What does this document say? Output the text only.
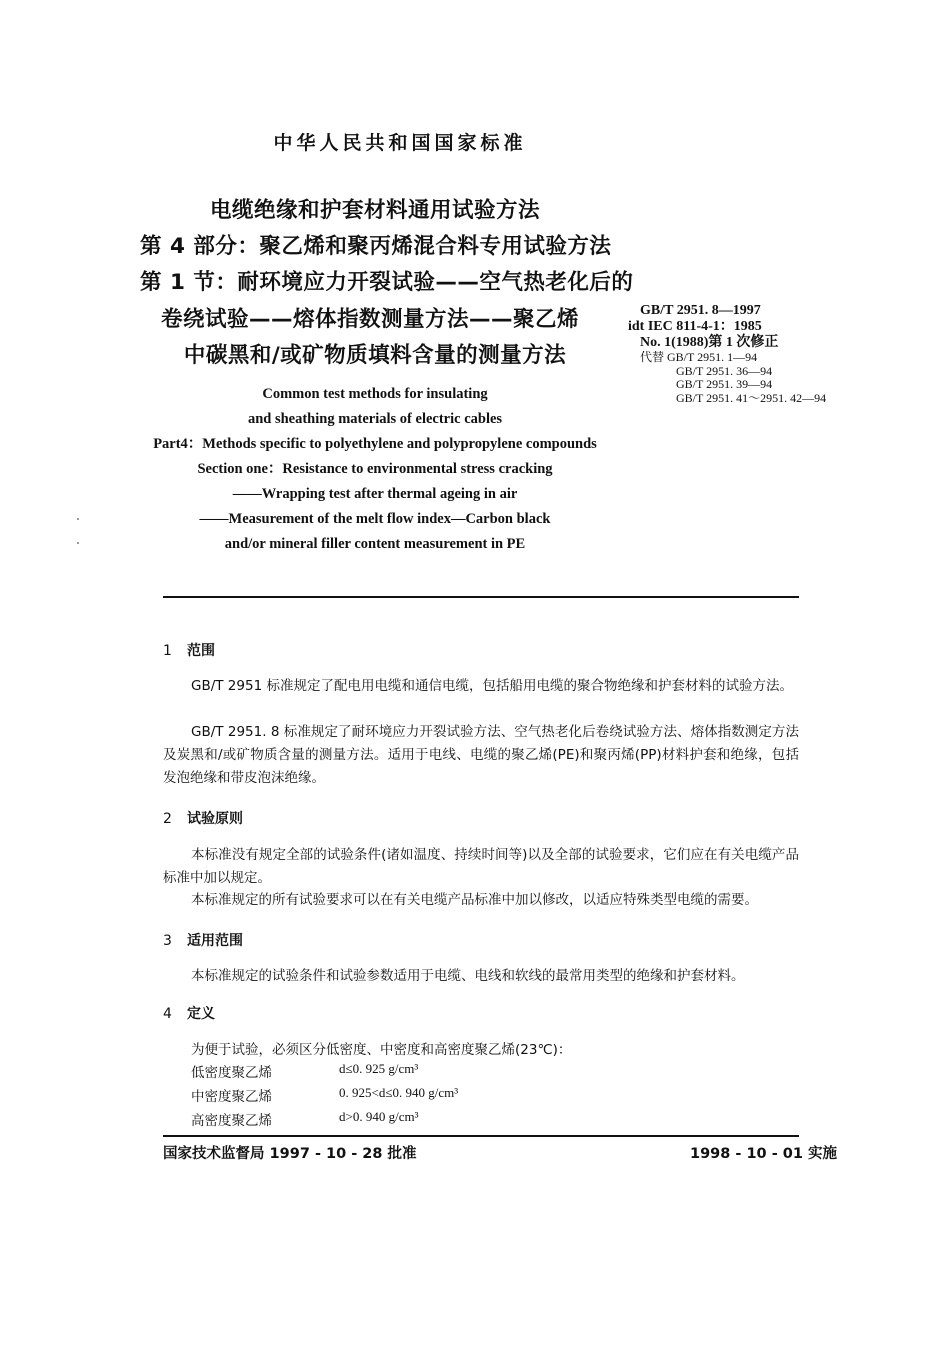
中华人民共和国国家标准
电缆绝缘和护套材料通用试验方法
第 4 部分：聚乙烯和聚丙烯混合料专用试验方法
第 1 节：耐环境应力开裂试验——空气热老化后的
卷绕试验——熔体指数测量方法——聚乙烯
中碳黑和/或矿物质填料含量的测量方法
GB/T 2951. 8—1997
idt IEC 811-4-1：1985
No. 1(1988)第 1 次修正
代替 GB/T 2951. 1—94
GB/T 2951. 36—94
GB/T 2951. 39—94
GB/T 2951. 41～2951. 42—94
Common test methods for insulating
and sheathing materials of electric cables
Part4：Methods specific to polyethylene and polypropylene compounds
Section one：Resistance to environmental stress cracking
——Wrapping test after thermal ageing in air
——Measurement of the melt flow index—Carbon black
and/or mineral filler content measurement in PE
1 范围
GB/T 2951 标准规定了配电用电缆和通信电缆，包括船用电缆的聚合物绝缘和护套材料的试验方法。
GB/T 2951. 8 标准规定了耐环境应力开裂试验方法、空气热老化后卷绕试验方法、熔体指数测定方法及炭黑和/或矿物质含量的测量方法。适用于电线、电缆的聚乙烯(PE)和聚丙烯(PP)材料护套和绝缘，包括发泡绝缘和带皮泡沫绝缘。
2 试验原则
本标准没有规定全部的试验条件(诸如温度、持续时间等)以及全部的试验要求，它们应在有关电缆产品标准中加以规定。
本标准规定的所有试验要求可以在有关电缆产品标准中加以修改，以适应特殊类型电缆的需要。
3 适用范围
本标准规定的试验条件和试验参数适用于电缆、电线和软线的最常用类型的绝缘和护套材料。
4 定义
为便于试验，必须区分低密度、中密度和高密度聚乙烯(23℃)：
低密度聚乙烯	d≤0. 925 g/cm³
中密度聚乙烯	0. 925<d≤0. 940 g/cm³
高密度聚乙烯	d>0. 940 g/cm³
国家技术监督局 1997 - 10 - 28 批准	1998 - 10 - 01 实施
